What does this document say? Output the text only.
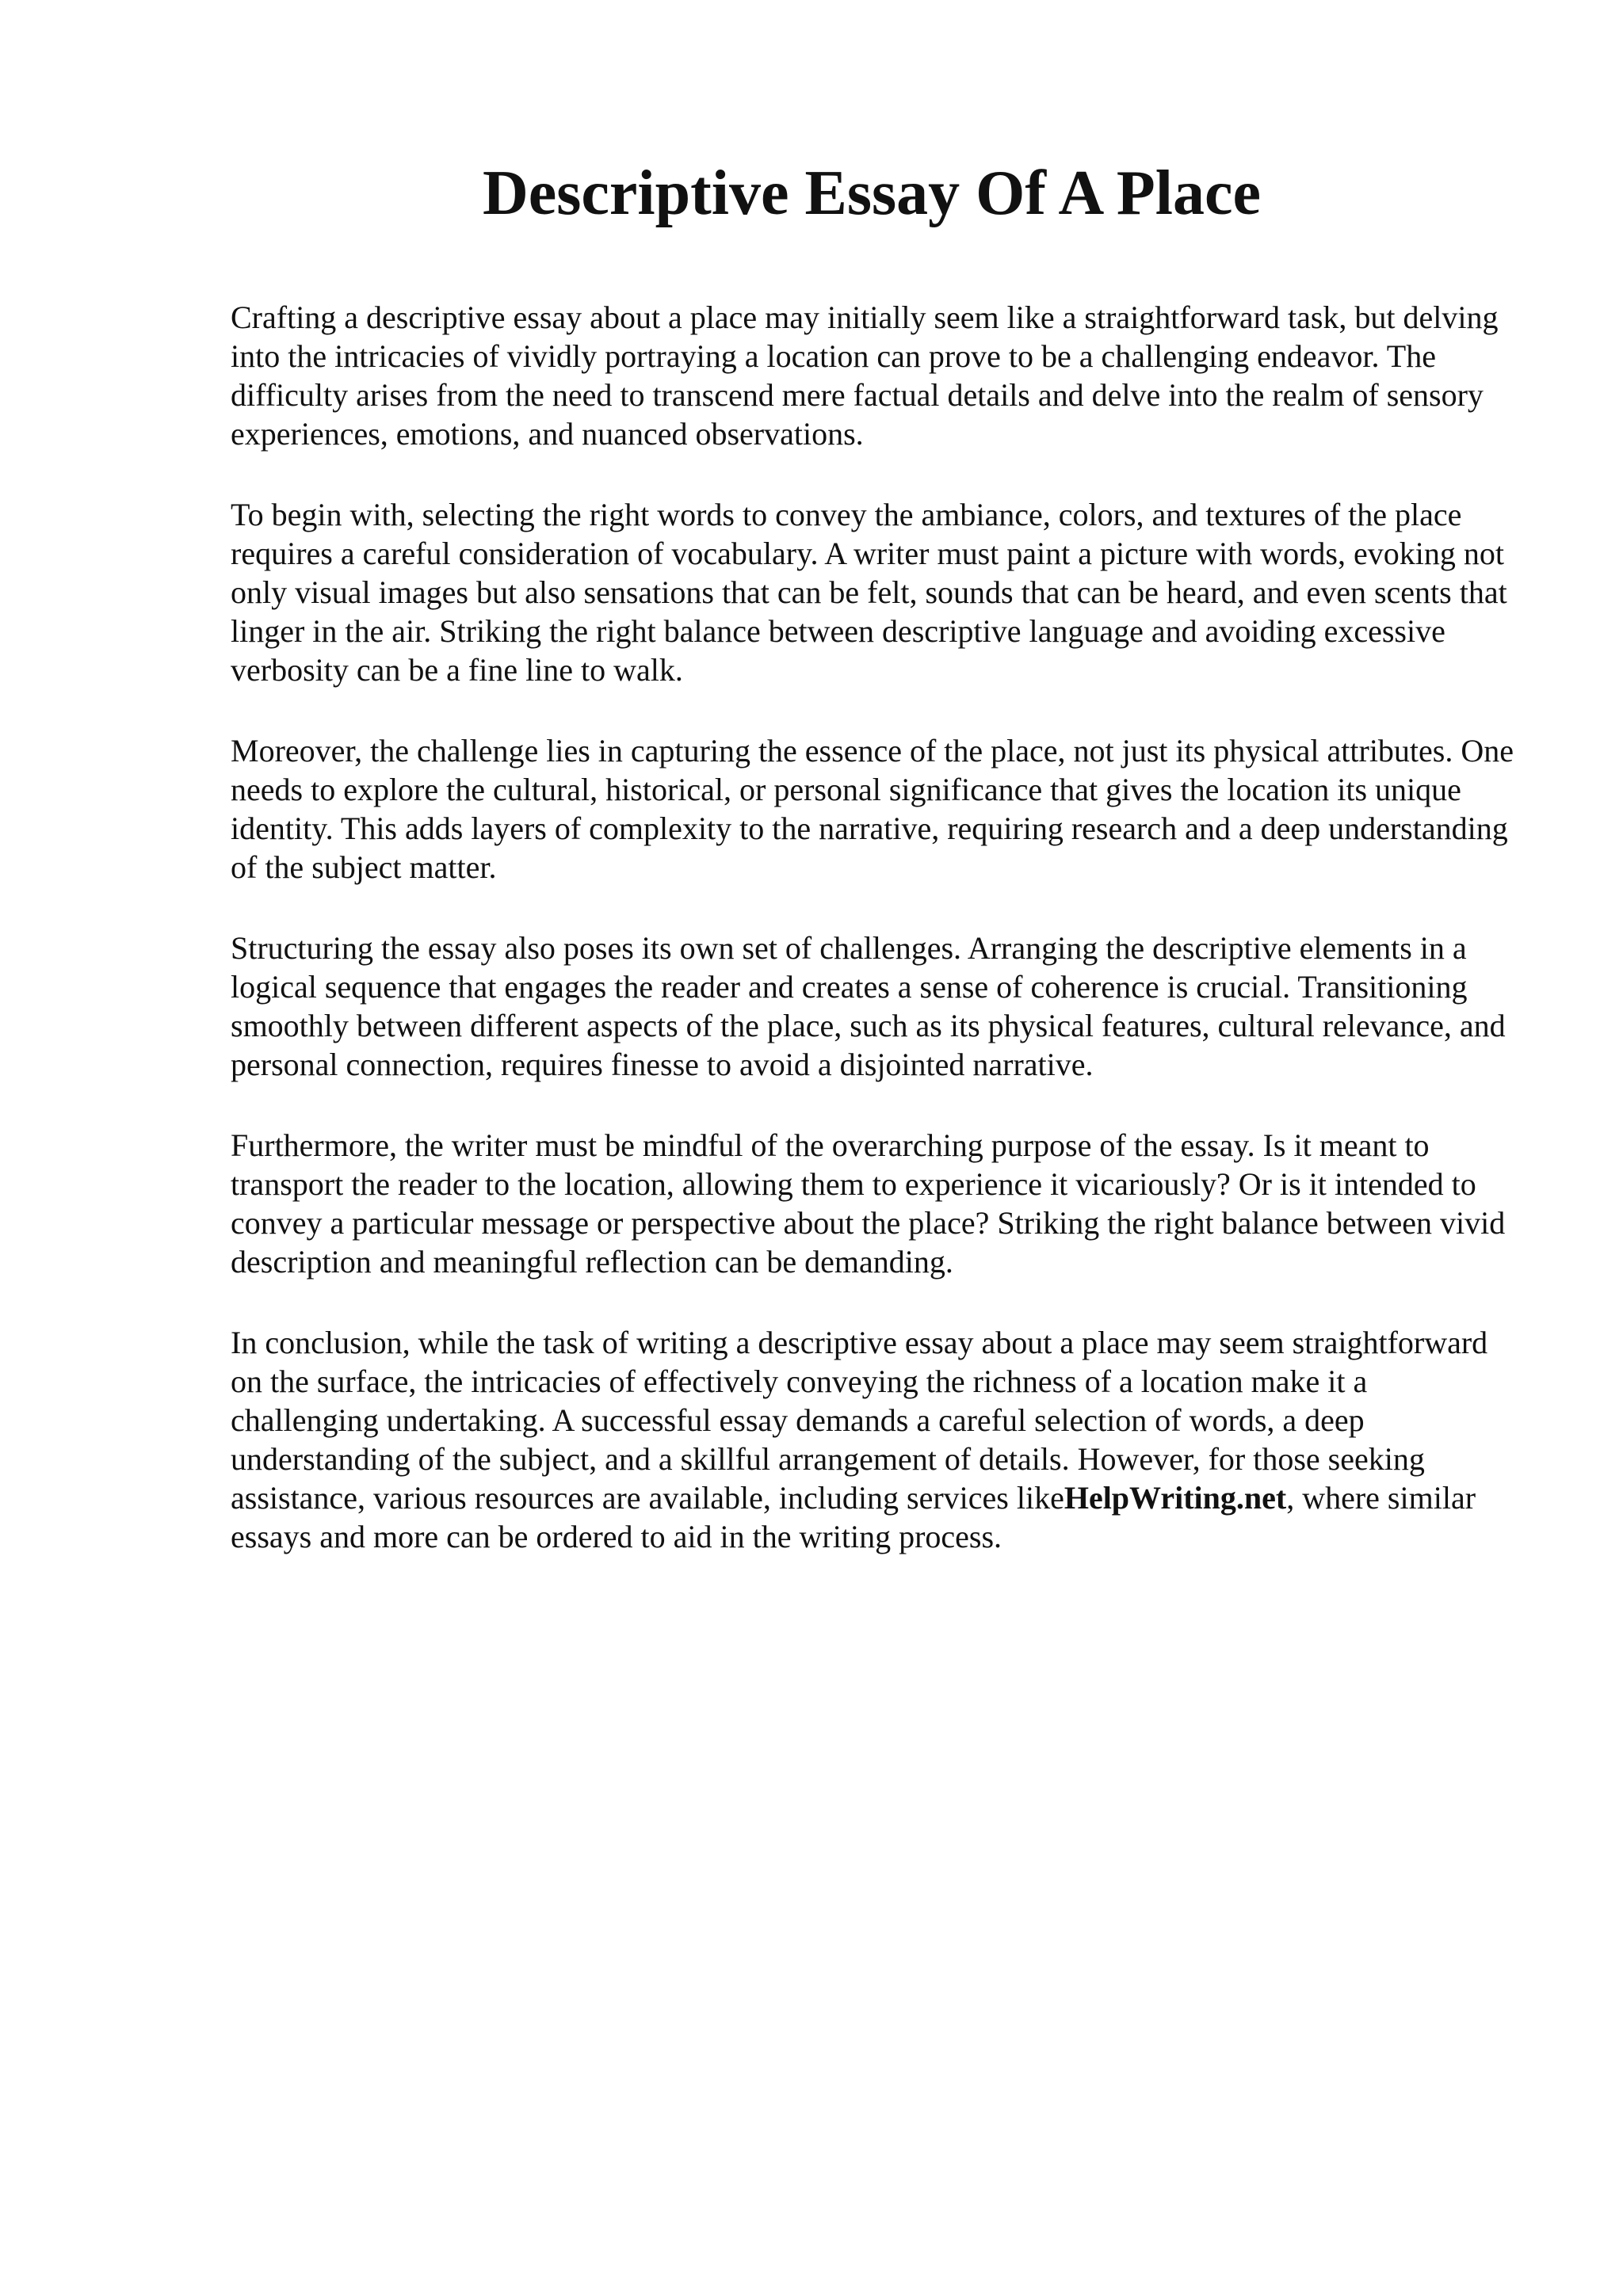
Descriptive Essay Of A Place

Crafting a descriptive essay about a place may initially seem like a straightforward task, but delving into the intricacies of vividly portraying a location can prove to be a challenging endeavor. The difficulty arises from the need to transcend mere factual details and delve into the realm of sensory experiences, emotions, and nuanced observations.

To begin with, selecting the right words to convey the ambiance, colors, and textures of the place requires a careful consideration of vocabulary. A writer must paint a picture with words, evoking not only visual images but also sensations that can be felt, sounds that can be heard, and even scents that linger in the air. Striking the right balance between descriptive language and avoiding excessive verbosity can be a fine line to walk.

Moreover, the challenge lies in capturing the essence of the place, not just its physical attributes. One needs to explore the cultural, historical, or personal significance that gives the location its unique identity. This adds layers of complexity to the narrative, requiring research and a deep understanding of the subject matter.

Structuring the essay also poses its own set of challenges. Arranging the descriptive elements in a logical sequence that engages the reader and creates a sense of coherence is crucial. Transitioning smoothly between different aspects of the place, such as its physical features, cultural relevance, and personal connection, requires finesse to avoid a disjointed narrative.

Furthermore, the writer must be mindful of the overarching purpose of the essay. Is it meant to transport the reader to the location, allowing them to experience it vicariously? Or is it intended to convey a particular message or perspective about the place? Striking the right balance between vivid description and meaningful reflection can be demanding.

In conclusion, while the task of writing a descriptive essay about a place may seem straightforward on the surface, the intricacies of effectively conveying the richness of a location make it a challenging undertaking. A successful essay demands a careful selection of words, a deep understanding of the subject, and a skillful arrangement of details. However, for those seeking assistance, various resources are available, including services likeHelpWriting.net, where similar essays and more can be ordered to aid in the writing process.
